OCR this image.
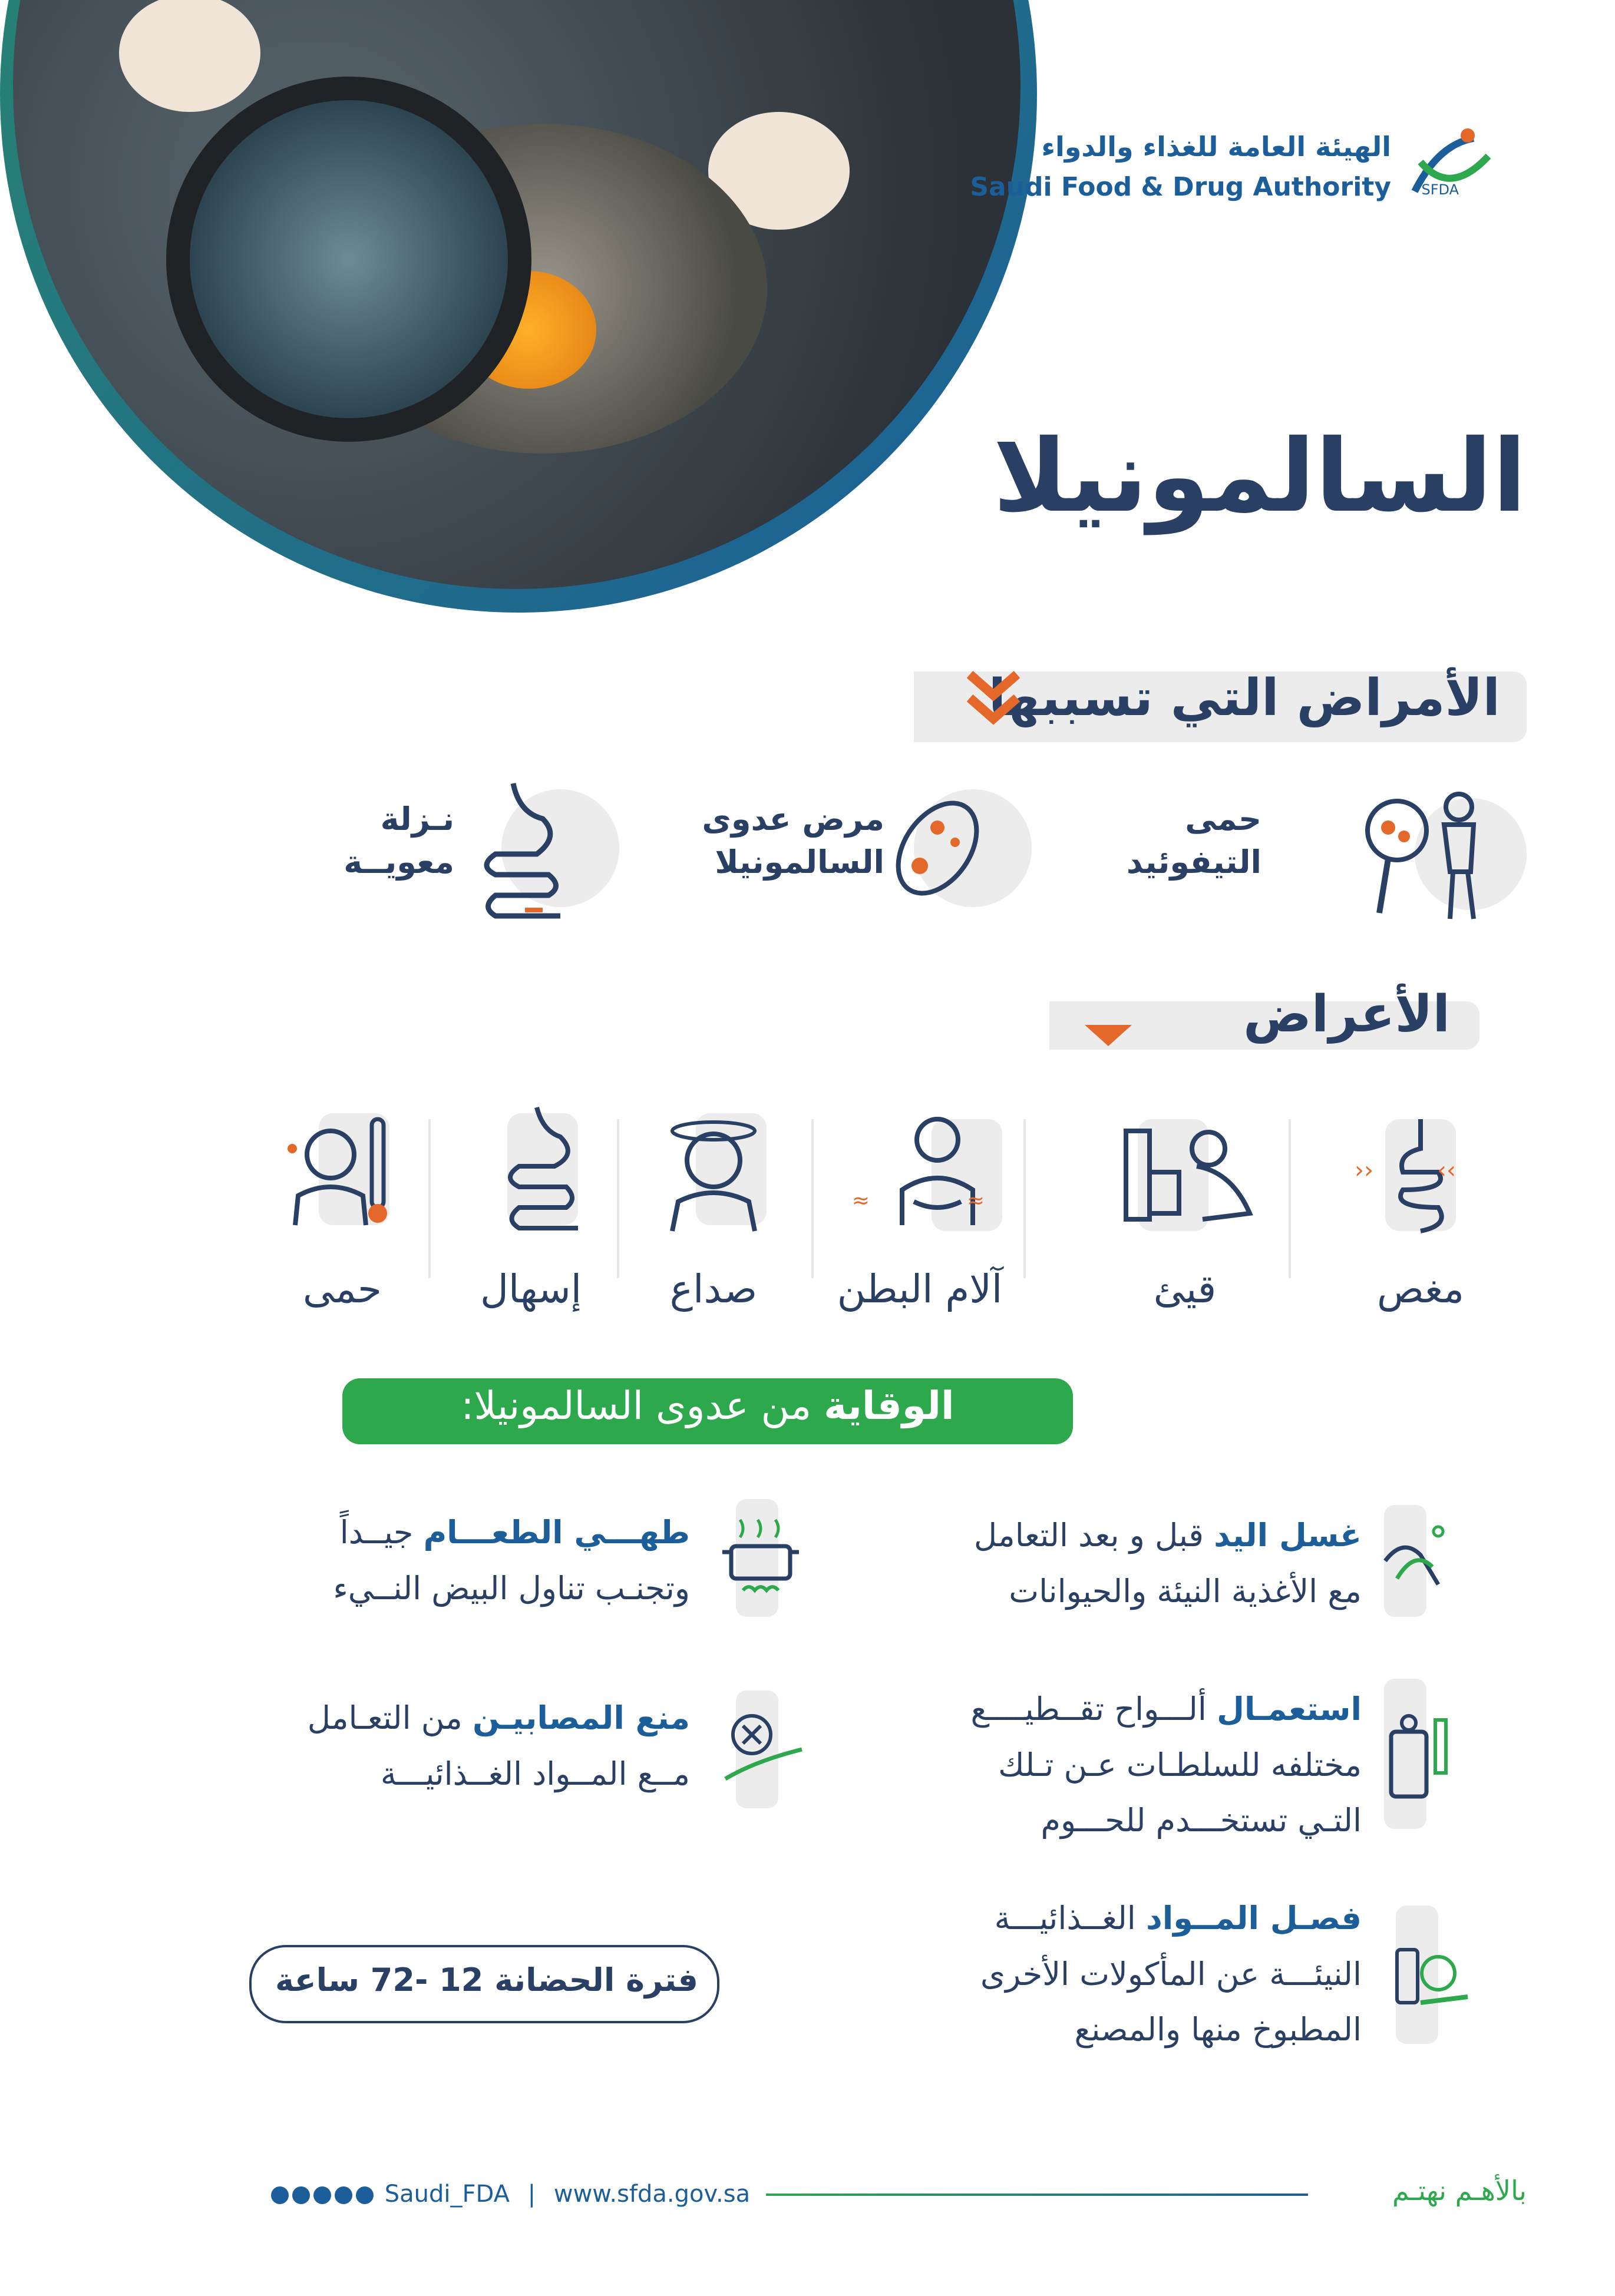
الهيئة العامة للغذاء والدواء
Saudi Food & Drug Authority SFDA
السالمونيلا
الأمراض التي تسببها
حمى
التيفوئيد
مرض عدوى
السالمونيلا
نـزلة
معويــة
الأعراض
‹‹	››
مغص
قيئ
≈	≈
آلام البطن
صداع
إسهال
حمى
الوقاية من عدوى السالمونيلا:
غسل اليد قبل و بعد التعامل
مع الأغذية النيئة والحيوانات
استعمـال ألـــواح تقــطيــــع
مختلفه للسلطـات عـن تـلك
التـي تستخـــدم للحـــوم
فصـل المــواد الغــذائيـــة
النيئـــة عن المأكولات الأخرى
المطبوخ منها والمصنع
طهـــي الطعـــام جيــداً
وتجنـب تناول البيض النــيء
منع المصابيـن من التعـامل
مــع المــواد الغــذائيـــة
فترة الحضانة 12 -72 ساعة
Saudi_FDA | www.sfda.gov.sa	بالأهـم نهتـم
